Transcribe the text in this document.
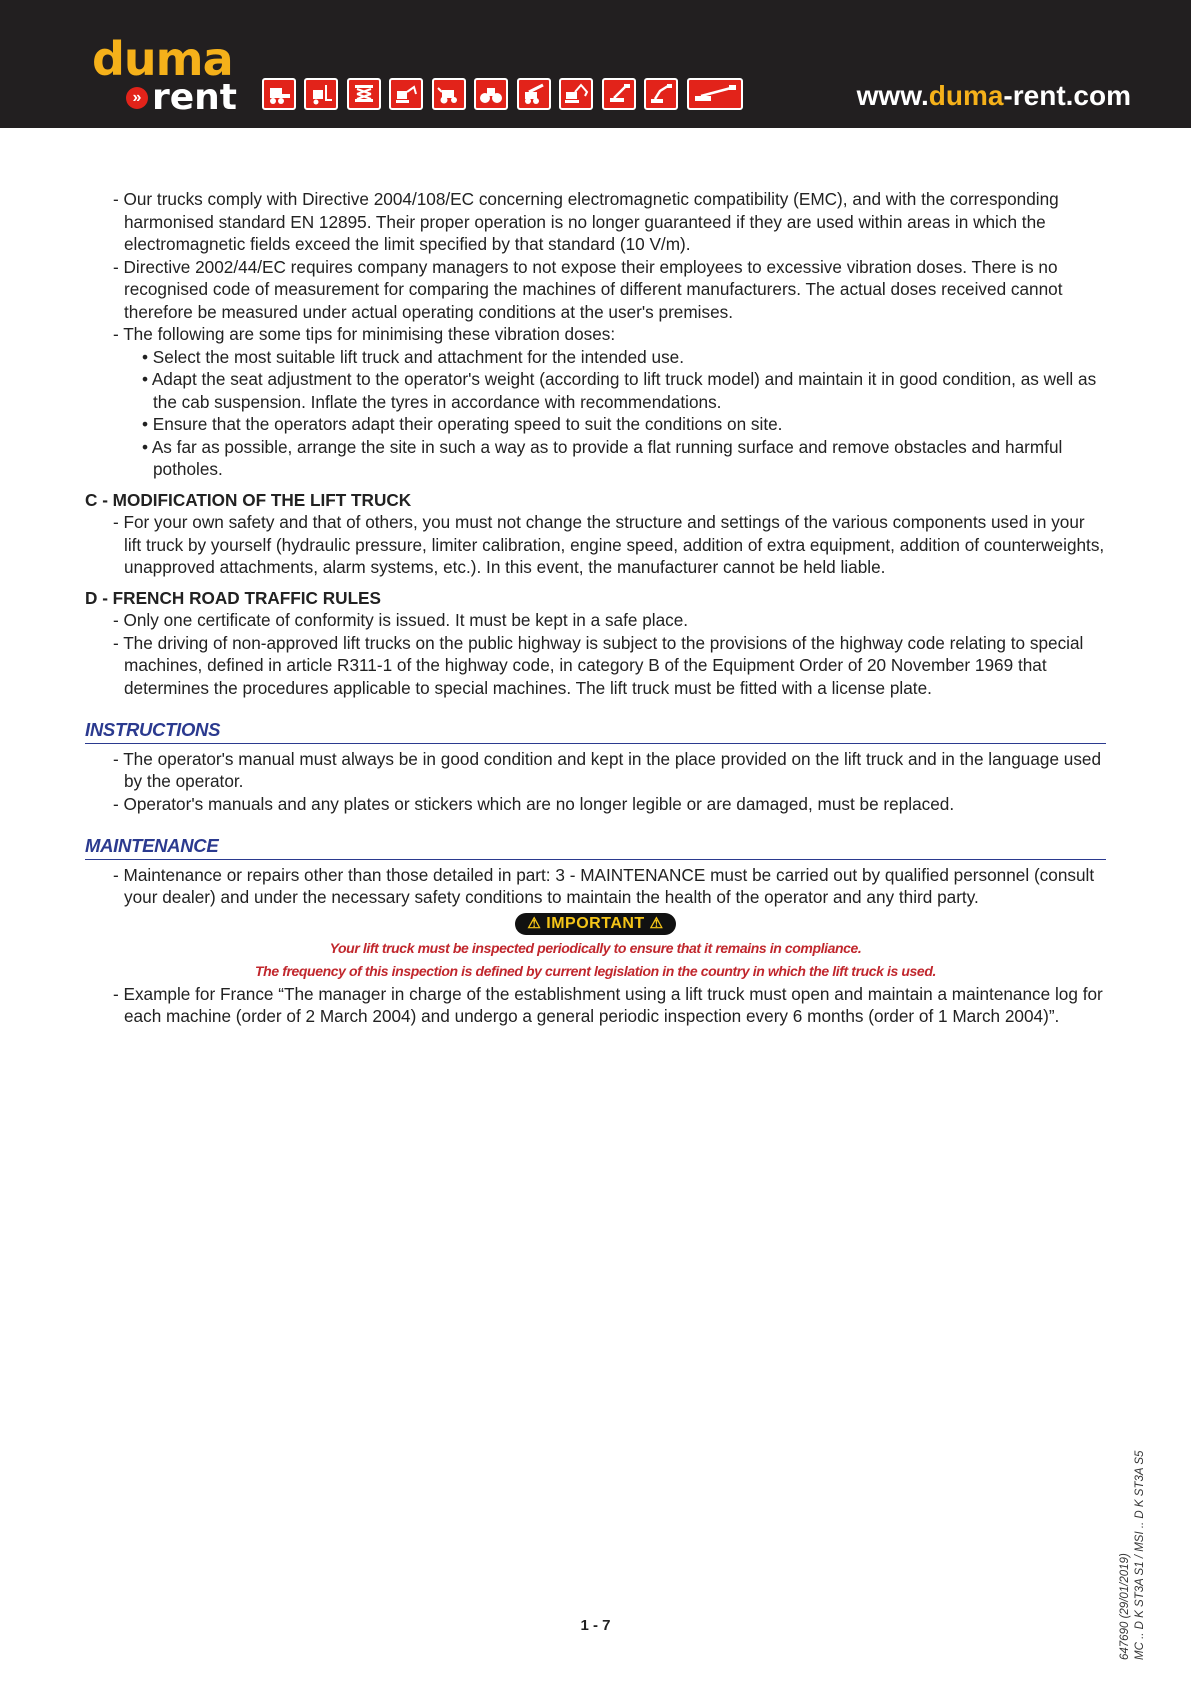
duma
» rent

	www.duma-rent.com
- Our trucks comply with Directive 2004/108/EC concerning electromagnetic compatibility (EMC), and with the corresponding harmonised standard EN 12895. Their proper operation is no longer guaranteed if they are used within areas in which the electromagnetic fields exceed the limit specified by that standard (10 V/m).
- Directive 2002/44/EC requires company managers to not expose their employees to excessive vibration doses. There is no recognised code of measurement for comparing the machines of different manufacturers. The actual doses received cannot therefore be measured under actual operating conditions at the user's premises.
- The following are some tips for minimising these vibration doses:
• Select the most suitable lift truck and attachment for the intended use.
• Adapt the seat adjustment to the operator's weight (according to lift truck model) and maintain it in good condition, as well as the cab suspension. Inflate the tyres in accordance with recommendations.
• Ensure that the operators adapt their operating speed to suit the conditions on site.
• As far as possible, arrange the site in such a way as to provide a flat running surface and remove obstacles and harmful potholes.
C - MODIFICATION OF THE LIFT TRUCK
- For your own safety and that of others, you must not change the structure and settings of the various components used in your lift truck by yourself (hydraulic pressure, limiter calibration, engine speed, addition of extra equipment, addition of counterweights, unapproved attachments, alarm systems, etc.). In this event, the manufacturer cannot be held liable.
D - FRENCH ROAD TRAFFIC RULES
- Only one certificate of conformity is issued. It must be kept in a safe place.
- The driving of non-approved lift trucks on the public highway is subject to the provisions of the highway code relating to special machines, defined in article R311-1 of the highway code, in category B of the Equipment Order of 20 November 1969 that determines the procedures applicable to special machines. The lift truck must be fitted with a license plate.
INSTRUCTIONS
- The operator's manual must always be in good condition and kept in the place provided on the lift truck and in the language used by the operator.
- Operator's manuals and any plates or stickers which are no longer legible or are damaged, must be replaced.
MAINTENANCE
- Maintenance or repairs other than those detailed in part: 3 - MAINTENANCE must be carried out by qualified personnel (consult your dealer) and under the necessary safety conditions to maintain the health of the operator and any third party.
⚠ IMPORTANT ⚠
Your lift truck must be inspected periodically to ensure that it remains in compliance.
The frequency of this inspection is defined by current legislation in the country in which the lift truck is used.
- Example for France “The manager in charge of the establishment using a lift truck must open and maintain a maintenance log for each machine (order of 2 March 2004) and undergo a general periodic inspection every 6 months (order of 1 March 2004)”.
1 - 7	647690 (29/01/2019) MC .. D K ST3A S1 / MSI .. D K ST3A S5
